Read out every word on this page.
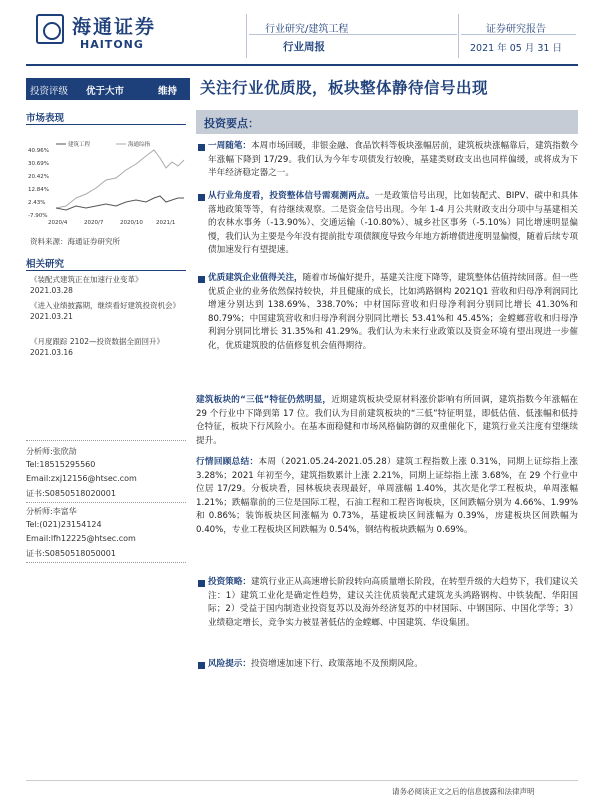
海通证券
HAITONG
行业研究/建筑工程
行业周报
证券研究报告
2021 年 05 月 31 日
投资评级 优于大市	维持 关注行业优质股，板块整体静待信号出现
市场表现
40.96%
30.69%
20.42%
12.84%
2.43%
-7.90%
2020/4	2020/7	2020/10 2021/1
建筑工程	海通综指
资料来源：海通证券研究所
相关研究
《装配式建筑正在加速行业变革》
2021.03.28
《进入业绩披露期，继续看好建筑投资机会》
2021.03.21
《月度跟踪 2102—投资数据全面回升》
2021.03.16
分析师:张欣劼
Tel:18515295560
Email:zxj12156@htsec.com
证书:S0850518020001
分析师:李富华
Tel:(021)23154124
Email:lfh12225@htsec.com
证书:S0850518050001
投资要点：
一周随笔：本周市场回暖，非银金融、食品饮料等板块涨幅居前，建筑板块涨幅靠后，建筑指数今年涨幅下降到 17/29。我们认为今年专项债发行较晚，基建类财政支出也同样偏缓，或将成为下半年经济稳定器之一。
从行业角度看，投资整体信号需观测两点。一是政策信号出现，比如装配式、BIPV、碳中和具体落地政策等等，有待继续观察。二是资金信号出现。今年 1-4 月公共财政支出分项中与基建相关的农林水事务（-13.90%）、交通运输（-10.80%）、城乡社区事务（-5.10%）同比增速明显偏慢，我们认为主要是今年没有提前批专项债额度导致今年地方新增债进度明显偏慢，随着后续专项债加速发行有望提速。
优质建筑企业值得关注，随着市场偏好提升，基建关注度下降等，建筑整体估值持续回落。但一些优质企业的业务依然保持较快，并且健康的成长，比如鸿路钢构 2021Q1 营收和归母净利润同比增速分别达到 138.69%、338.70%；中材国际营收和归母净利润分别同比增长 41.30%和 80.79%；中国建筑营收和归母净利润分别同比增长 53.41%和 45.45%；金螳螂营收和归母净利润分别同比增长 31.35%和 41.29%。我们认为未来行业政策以及资金环境有望出现进一步催化，优质建筑股的估值修复机会值得期待。
建筑板块的“三低”特征仍然明显，近期建筑板块受原材料涨价影响有所回调，建筑指数今年涨幅在 29 个行业中下降到第 17 位。我们认为目前建筑板块的“三低”特征明显，即低估值、低涨幅和低持仓特征，板块下行风险小。在基本面稳健和市场风格偏防御的双重催化下，建筑行业关注度有望继续提升。
行情回顾总结：本周（2021.05.24-2021.05.28）建筑工程指数上涨 0.31%，同期上证综指上涨 3.28%；2021 年初至今，建筑指数累计上涨 2.21%，同期上证综指上涨 3.68%，在 29 个行业中位居 17/29。分板块看，园林板块表现最好，单周涨幅 1.40%，其次是化学工程板块，单周涨幅 1.21%；跌幅靠前的三位是国际工程，石油工程和工程咨询板块，区间跌幅分别为 4.66%、1.99%和 0.86%；装饰板块区间涨幅为 0.73%，基建板块区间涨幅为 0.39%，房建板块区间跌幅为 0.40%，专业工程板块区间跌幅为 0.54%，钢结构板块跌幅为 0.69%。
投资策略：建筑行业正从高速增长阶段转向高质量增长阶段，在转型升级的大趋势下，我们建议关注：1）建筑工业化是确定性趋势，建议关注优质装配式建筑龙头鸿路钢构、中铁装配、华阳国际；2）受益于国内制造业投资复苏以及海外经济复苏的中材国际、中钢国际、中国化学等；3）业绩稳定增长，竞争实力被显著低估的金螳螂、中国建筑、华设集团。
风险提示：投资增速加速下行、政策落地不及预期风险。
请务必阅读正文之后的信息披露和法律声明
